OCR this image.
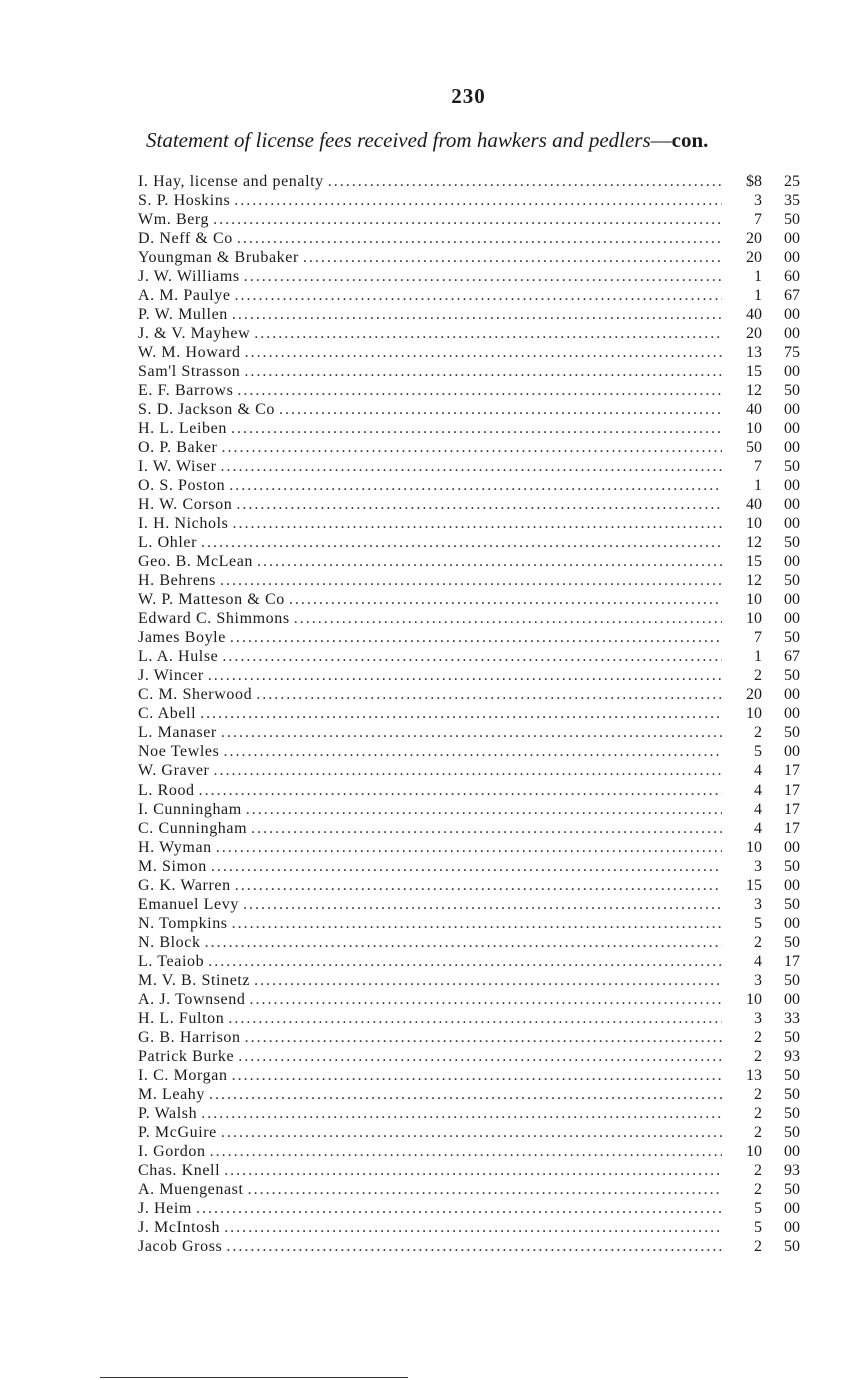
230
Statement of license fees received from hawkers and pedlers—con.
I. Hay, license and penalty .....	$8	25
S. P. Hoskins .....	3	35
Wm. Berg .....	7	50
D. Neff & Co .....	20	00
Youngman & Brubaker .....	20	00
J. W. Williams .....	1	60
A. M. Paulye .....	1	67
P. W. Mullen .....	40	00
J. & V. Mayhew .....	20	00
W. M. Howard .....	13	75
Sam'l Strasson .....	15	00
E. F. Barrows .....	12	50
S. D. Jackson & Co .....	40	00
H. L. Leiben .....	10	00
O. P. Baker .....	50	00
I. W. Wiser .....	7	50
O. S. Poston .....	1	00
H. W. Corson .....	40	00
I. H. Nichols .....	10	00
L. Ohler .....	12	50
Geo. B. McLean .....	15	00
H. Behrens .....	12	50
W. P. Matteson & Co .....	10	00
Edward C. Shimmons .....	10	00
James Boyle .....	7	50
L. A. Hulse .....	1	67
J. Wincer .....	2	50
C. M. Sherwood .....	20	00
C. Abell .....	10	00
L. Manaser .....	2	50
Noe Tewles .....	5	00
W. Graver .....	4	17
L. Rood .....	4	17
I. Cunningham .....	4	17
C. Cunningham .....	4	17
H. Wyman .....	10	00
M. Simon .....	3	50
G. K. Warren .....	15	00
Emanuel Levy .....	3	50
N. Tompkins .....	5	00
N. Block .....	2	50
L. Teaiob .....	4	17
M. V. B. Stinetz .....	3	50
A. J. Townsend .....	10	00
H. L. Fulton .....	3	33
G. B. Harrison .....	2	50
Patrick Burke .....	2	93
I. C. Morgan .....	13	50
M. Leahy .....	2	50
P. Walsh .....	2	50
P. McGuire .....	2	50
I. Gordon .....	10	00
Chas. Knell .....	2	93
A. Muengenast .....	2	50
J. Heim .....	5	00
J. McIntosh .....	5	00
Jacob Gross .....	2	50
